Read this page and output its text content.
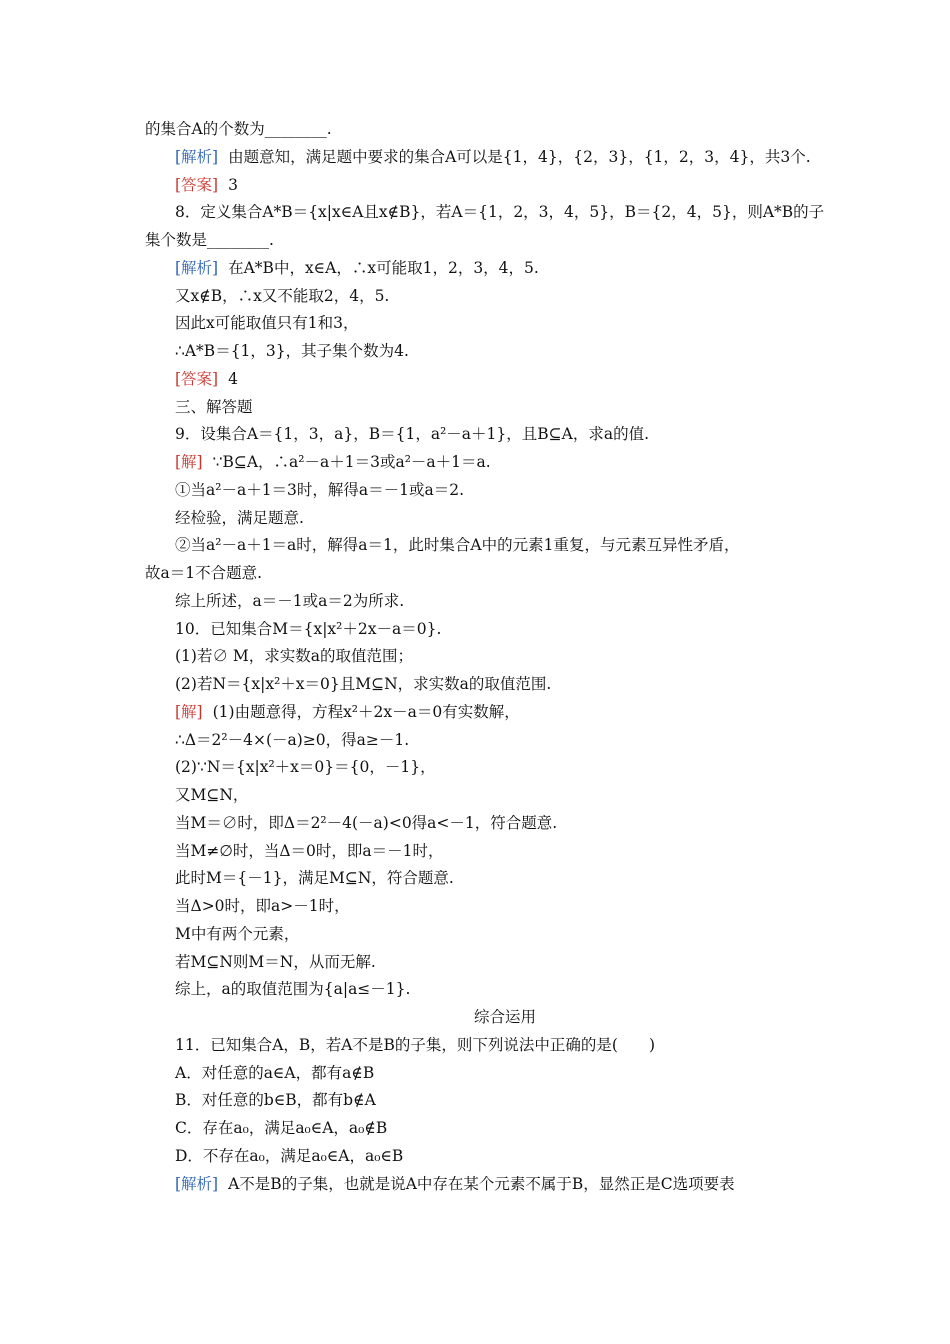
的集合A的个数为________.
[解析] 由题意知，满足题中要求的集合A可以是{1，4}，{2，3}，{1，2，3，4}，共3个.
[答案] 3
8．定义集合A*B＝{x|x∈A且x∉B}，若A＝{1，2，3，4，5}，B＝{2，4，5}，则A*B的子
集个数是________.
[解析] 在A*B中，x∈A，∴x可能取1，2，3，4，5.
又x∉B，∴x又不能取2，4，5.
因此x可能取值只有1和3，
∴A*B＝{1，3}，其子集个数为4.
[答案] 4
三、解答题
9．设集合A＝{1，3，a}，B＝{1，a²－a＋1}，且B⊆A，求a的值.
[解] ∵B⊆A，∴a²－a＋1＝3或a²－a＋1＝a.
①当a²－a＋1＝3时，解得a＝－1或a＝2.
经检验，满足题意.
②当a²－a＋1＝a时，解得a＝1，此时集合A中的元素1重复，与元素互异性矛盾，
故a＝1不合题意.
综上所述，a＝－1或a＝2为所求.
10．已知集合M＝{x|x²＋2x－a＝0}.
(1)若∅ M，求实数a的取值范围；
(2)若N＝{x|x²＋x＝0}且M⊆N，求实数a的取值范围.
[解] (1)由题意得，方程x²＋2x－a＝0有实数解，
∴Δ＝2²－4×(－a)≥0，得a≥－1.
(2)∵N＝{x|x²＋x＝0}＝{0，－1}，
又M⊆N，
当M＝∅时，即Δ＝2²－4(－a)<0得a<－1，符合题意.
当M≠∅时，当Δ＝0时，即a＝－1时，
此时M＝{－1}，满足M⊆N，符合题意.
当Δ>0时，即a>－1时，
M中有两个元素，
若M⊆N则M＝N，从而无解.
综上，a的取值范围为{a|a≤－1}.
综合运用
11．已知集合A，B，若A不是B的子集，则下列说法中正确的是(　　)
A．对任意的a∈A，都有a∉B
B．对任意的b∈B，都有b∉A
C．存在a₀，满足a₀∈A，a₀∉B
D．不存在a₀，满足a₀∈A，a₀∈B
[解析] A不是B的子集，也就是说A中存在某个元素不属于B，显然正是C选项要表
